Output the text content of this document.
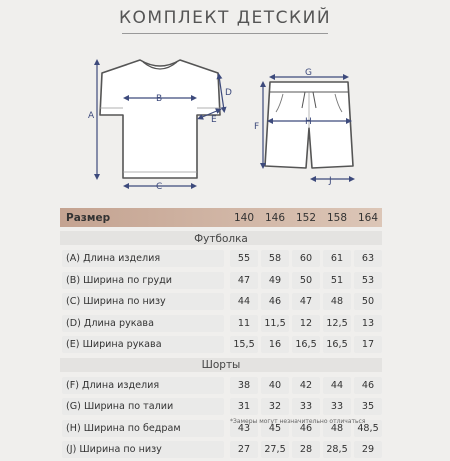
КОМПЛЕКТ ДЕТСКИЙ
A
B
C
D
E
G
H
F
J
Размер	140	146	152	158	164
Футболка
(A) Длина изделия	55	58	60	61	63
(B) Ширина по груди	47	49	50	51	53
(C) Ширина по низу	44	46	47	48	50
(D) Длина рукава	11	11,5	12	12,5	13
(E) Ширина рукава	15,5	16	16,5	16,5	17
Шорты
(F) Длина изделия	38	40	42	44	46
(G) Ширина по талии	31	32	33	33	35
(H) Ширина по бедрам	43	45	46	48	48,5
(J) Ширина по низу	27	27,5	28	28,5	29
*Замеры могут незначительно отличаться
